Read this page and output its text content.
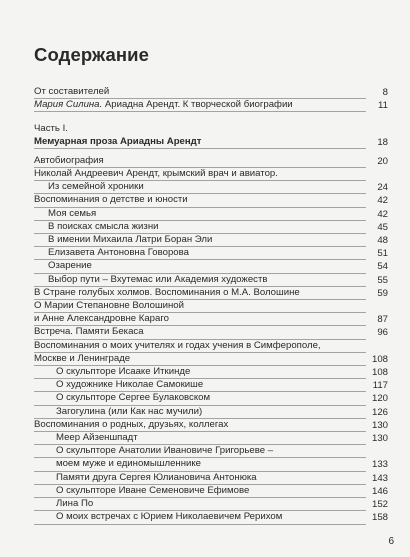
Содержание
От составителей	8
Мария Силина. Ариадна Арендт. К творческой биографии	11
Часть I.
Мемуарная проза Ариадны Арендт	18
Автобиография	20
Николай Андреевич Арендт, крымский врач и авиатор.
Из семейной хроники	24
Воспоминания о детстве и юности	42
Моя семья	42
В поисках смысла жизни	45
В имении Михаила Латри Боран Эли	48
Елизавета Антоновна Говорова	51
Озарение	54
Выбор пути – Вхутемас или Академия художеств	55
В Стране голубых холмов. Воспоминания о М.А. Волошине	59
О Марии Степановне Волошиной
и Анне Александровне Караго	87
Встреча. Памяти Бекаса	96
Воспоминания о моих учителях и годах учения в Симферополе,
Москве и Ленинграде	108
О скульпторе Исааке Иткинде	108
О художнике Николае Самокише	117
О скульпторе Сергее Булаковском	120
Загогулина (или Как нас мучили)	126
Воспоминания о родных, друзьях, коллегах	130
Меер Айзеншпадт	130
О скульпторе Анатолии Ивановиче Григорьеве –
моем муже и единомышленнике	133
Памяти друга Сергея Юлиановича Антонюка	143
О скульпторе Иване Семеновиче Ефимове	146
Лина По	152
О моих встречах с Юрием Николаевичем Рерихом	158
6
